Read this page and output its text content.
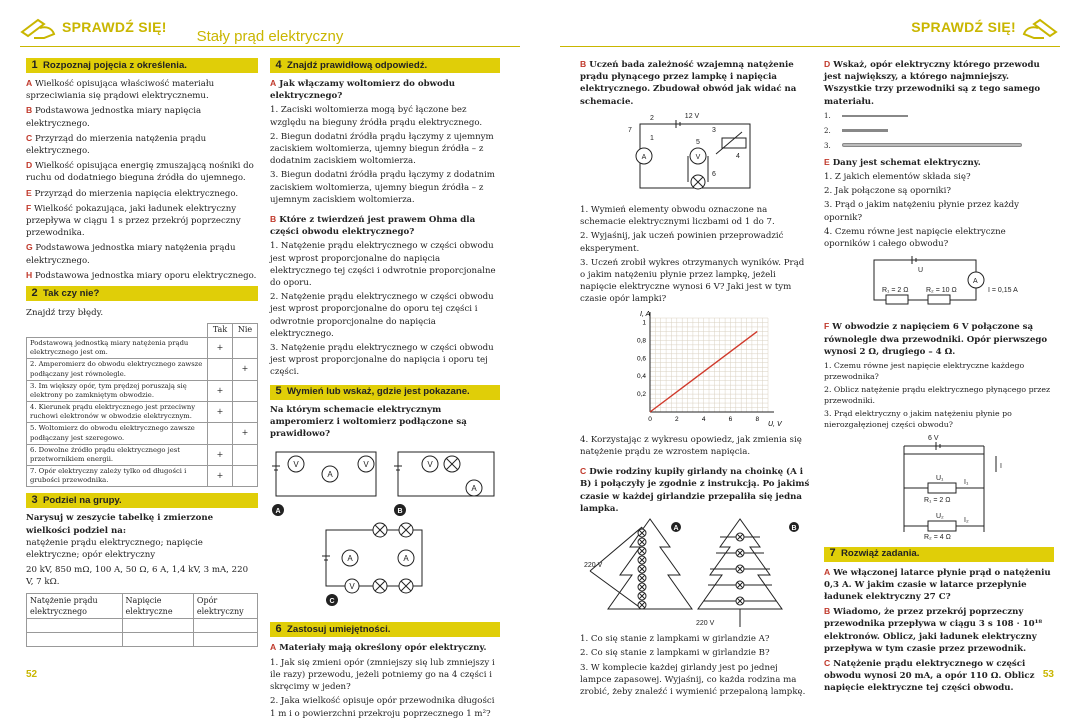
SPRAWDŹ SIĘ!
Stały prąd elektryczny
SPRAWDŹ SIĘ!
52	53
1 Rozpoznaj pojęcia z określenia.
A Wielkość opisująca właściwość materiału sprzeciwiania się prądowi elektrycznemu.
B Podstawowa jednostka miary napięcia elektrycznego.
C Przyrząd do mierzenia natężenia prądu elektrycznego.
D Wielkość opisująca energię zmuszającą nośniki do ruchu od dodatniego bieguna źródła do ujemnego.
E Przyrząd do mierzenia napięcia elektrycznego.
F Wielkość pokazująca, jaki ładunek elektryczny przepływa w ciągu 1 s przez przekrój poprzeczny przewodnika.
G Podstawowa jednostka miary natężenia prądu elektrycznego.
H Podstawowa jednostka miary oporu elektrycznego.
2 Tak czy nie?
Znajdź trzy błędy.
	Tak	Nie
Podstawową jednostką miary natężenia prądu elektrycznego jest om.	+	
2. Amperomierz do obwodu elektrycznego zawsze podłączany jest równolegle.		+
3. Im większy opór, tym prędzej poruszają się elektrony po zamkniętym obwodzie.	+	
4. Kierunek prądu elektrycznego jest przeciwny ruchowi elektronów w obwodzie elektrycznym.	+	
5. Woltomierz do obwodu elektrycznego zawsze podłączany jest szeregowo.		+
6. Dowolne źródło prądu elektrycznego jest przetwornikiem energii.	+	
7. Opór elektryczny zależy tylko od długości i grubości przewodnika.	+	
3 Podziel na grupy.
Narysuj w zeszycie tabelkę i zmierzone wielkości podziel na:
natężenie prądu elektrycznego; napięcie elektryczne; opór elektryczny
20 kV, 850 mΩ, 100 A, 50 Ω, 6 A, 1,4 kV, 3 mA, 220 V, 7 kΩ.
Natężenie prądu elektrycznego	Napięcie elektryczne	Opór elektryczny

4 Znajdź prawidłową odpowiedź.
A Jak włączamy woltomierz do obwodu elektrycznego?
1. Zaciski woltomierza mogą być łączone bez względu na bieguny źródła prądu elektrycznego.
2. Biegun dodatni źródła prądu łączymy z ujemnym zaciskiem woltomierza, ujemny biegun źródła – z dodatnim zaciskiem woltomierza.
3. Biegun dodatni źródła prądu łączymy z dodatnim zaciskiem woltomierza, ujemny biegun źródła – z ujemnym zaciskiem woltomierza.
B Które z twierdzeń jest prawem Ohma dla części obwodu elektrycznego?
1. Natężenie prądu elektrycznego w części obwodu jest wprost proporcjonalne do napięcia elektrycznego tej części i odwrotnie proporcjonalne do oporu.
2. Natężenie prądu elektrycznego w części obwodu jest wprost proporcjonalne do oporu tej części i odwrotnie proporcjonalne do napięcia elektrycznego.
3. Natężenie prądu elektrycznego w części obwodu jest wprost proporcjonalne do napięcia i oporu tej części.
5 Wymień lub wskaż, gdzie jest pokazane.
Na którym schemacie elektrycznym amperomierz i woltomierz podłączone są prawidłowo?
V
A
V	V
A
A	A
V
A	B
C
6 Zastosuj umiejętności.
A Materiały mają określony opór elektryczny.
1. Jak się zmieni opór (zmniejszy się lub zmniejszy i ile razy) przewodu, jeżeli potniemy go na 4 części i skręcimy w jeden?
2. Jaka wielkość opisuje opór przewodnika długości 1 m i o powierzchni przekroju poprzecznego 1 m²?
B Uczeń bada zależność wzajemną natężenie prądu płynącego przez lampkę i napięcia elektrycznego. Zbudował obwód jak widać na schemacie.
12 V
A	V
1
2
3
4
5
6
7
1. Wymień elementy obwodu oznaczone na schemacie elektrycznymi liczbami od 1 do 7.
2. Wyjaśnij, jak uczeń powinien przeprowadzić eksperyment.
3. Uczeń zrobił wykres otrzymanych wyników. Prąd o jakim natężeniu płynie przez lampkę, jeżeli napięcie elektryczne wynosi 6 V? Jaki jest w tym czasie opór lampki?
0	2	4	6	8
0,2
0,4
0,6
0,8
1
I, A
U, V
4. Korzystając z wykresu opowiedz, jak zmienia się natężenie prądu ze wzrostem napięcia.
C Dwie rodziny kupiły girlandy na choinkę (A i B) i połączyły je zgodnie z instrukcją. Po jakimś czasie w każdej girlandzie przepaliła się jedna lampka.
220 V
220 V
A	B
1. Co się stanie z lampkami w girlandzie A?
2. Co się stanie z lampkami w girlandzie B?
3. W komplecie każdej girlandy jest po jednej lampce zapasowej. Wyjaśnij, co każda rodzina ma zrobić, żeby znaleźć i wymienić przepaloną lampkę.
D Wskaż, opór elektryczny którego przewodu jest największy, a którego najmniejszy. Wszystkie trzy przewodniki są z tego samego materiału.
1.
2.
3.
E Dany jest schemat elektryczny.
1. Z jakich elementów składa się?
2. Jak połączone są oporniki?
3. Prąd o jakim natężeniu płynie przez każdy opornik?
4. Czemu równe jest napięcie elektryczne oporników i całego obwodu?
U
A
R₁ = 2 Ω	R₂ = 10 Ω	I = 0,15 A
F W obwodzie z napięciem 6 V połączone są równolegle dwa przewodniki. Opór pierwszego wynosi 2 Ω, drugiego – 4 Ω.
1. Czemu równe jest napięcie elektryczne każdego przewodnika?
2. Oblicz natężenie prądu elektrycznego płynącego przez przewodniki.
3. Prąd elektryczny o jakim natężeniu płynie po nierozgałęzionej części obwodu?
6 V
I
U₁
I₁
R₁ = 2 Ω
U₂
I₂
R₂ = 4 Ω
7 Rozwiąż zadania.
A We włączonej latarce płynie prąd o natężeniu 0,3 A. W jakim czasie w latarce przepłynie ładunek elektryczny 27 C?
B Wiadomo, że przez przekrój poprzeczny przewodnika przepływa w ciągu 3 s 108 · 10¹⁸ elektronów. Oblicz, jaki ładunek elektryczny przepływa w tym czasie przez przewodnik.
C Natężenie prądu elektrycznego w części obwodu wynosi 20 mA, a opór 110 Ω. Oblicz napięcie elektryczne tej części obwodu.
